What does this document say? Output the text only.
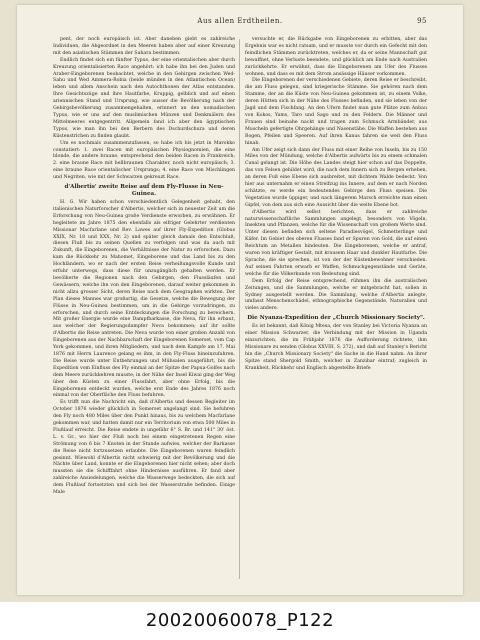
Aus allen Erdtheilen.	95

pent, der noch europäisch ist. Aber daneben giebt es zahlreiche Individuen, die Abgeordnet in den Meeren haben aber auf einer Kreuzung mit den asiatischen Stämmen der Sahara bestimmen.

Endlich findet sich ein fünfter Typus, der eine orientalischen aber durch Kreuzung orientalisierten Race angehört: ich habe ihn bei den Juden und Araber-Eingeborenen beobachtet, welche in den Gebirgen zwischen Wed-Sahu und Wed Ammera-Robia (beide münden in den Atlantischen Ocean) leben und allem Anschein nach den Autochthonen der Atlas entstanden. Ihre Gesichtszüge und ihre Hautfarbe, Kruppig, gelblich und auf einen ariennischen Stand und Ursprung, wie ausser die Bevölkerung nach der Gebirgsbevölkerung zusammengehalten, erinnert an den nomadischen Typus, wie er uns auf den muslimischen Münzen und Denkmälern des Mittelmeeres entgegentritt. Allgemein fand ich aber den ägyptischen Typus, wie man ihn bei den Berbern des Dschurdschura und deren Küstenstrichen zu finden glaubt.

Um es nochmals zusammenzufassen, so habe ich bis jetzt in Marokko constatiert: 1. zwei Racen mit europäischen Physiognomien, die eine blonde, die andere braune, entsprechend den beiden Racen in Frankreich; 2. eine braune Race mit hellbraunen Charakter, noch nicht europäisch; 3. eine braune Race orientalischer Ursprungs; 4. eine Race von Mischlingen und Negriten, wie mit der Schwarzen gekreuzt Race.

d'Albertis' zweite Reise auf dem Fly-Flusse in Neu-Guinea.

H. G. Wir haben schon verschiedentlich Gelegenheit gehabt, den italienischen Naturforscher d'Albertis, welcher sich in neuester Zeit um die Erforschung von Neu-Guinea große Verdienste erworben, zu erwähnen. Er begleitete im Jahre 1875 den ebenfalls als eifriger Gelehrter verdienten Missionar Macfarlane und Rev. Lawes auf ihrer Fly-Expedition (Globus XXIX, Nr. 18 und XXX, Nr. 2) und später gleich damals den Entschluß, diesen Fluß bis zu seinen Quellen zu verfolgen und was da auch mit Zukunft, die Eingeborenen, die Verhältnisse der Natur zu erforschen. Dazu kam die Rückkehr zu Mahomet, Eingeborene und das Land bis zu den Hochländern, wo er nach der ersten Reise verheißungsvolle Kunde und erfuhr unterwegs, dass diese für unzugänglich gehalten werden. Er bevölkerte die Regionen nach den Gebirgen, den Flussläufen und Gewässern, welche ihn von den Eingeborenen, darauf weiter gekommen in nicht allzu grosser Sicht, deren Reise nach dem Geographen wirkten. Der Plan dieses Mannes war großartig, die Gesetze, welche die Bewegung der Flüsse in Neu-Guinea bestimmen, um in die Gebirge vorzudringen, zu erforschen, und durch seine Entdeckungen die Forschung zu bereichern. Mit großer Energie wurde eine Dampfbarkasse, die Neva, für ihn erbaut, aus welcher der Regierungsdampfer Neva bekommen; auf ihr sollte d'Albertis die Reise antreten. Die Neva wurde von einer großen Anzahl von Eingeborenen aus der Nachbarschaft der Eingeborenen Somerset, vom Cap York gekommen, und ihren Mitgliedern, und nach dem Kampfe am 17. Mai 1876 mit Herrn Laurence gelang es ihm, in den Fly-Fluss hineinzufahren. Die Reise wurde unter Entbehrungen und Mühsalen ausgeführt, bis die Expedition vom Einfluss des Fly einmal an der Spitze der Papua-Golfes nach dem Meere zurückkehren musste; in der Nähe der Insel Kiwai ging der Weg über den Küsten zu einer Flussfahrt, aber ohne Erfolg, bis die Eingeborenen entdeckt wurden, welche erst Ende des Jahres 1876 noch einmal von der Oberfläche den Fluss befuhren.

Es trifft nun die Nachricht ein, daß d'Albertis und dessen Begleiter im October 1876 wieder glücklich in Somerset angelangt sind. Sie befuhren den Fly noch 480 Miles über den Punkt hinaus, bis zu welchem Macfarlane gekommen war, und hatten damit nur ein Territorium von etwa 500 Miles in Flußlauf erreicht. Die Reise endete in ungefähr 6° S. Br. und 141° 30' öst. L. v. Gr., wo hier der Fluß noch bei einem eingetretenen Regen eine Strömung von 6 bis 7 Knoten in der Stunde aufwies, welcher der Barkasse die Reise nicht fortzusetzen erlaubte. Die Eingeborenen waren feindlich gesinnt. Wiewohl d'Albertis nicht schwierig mit der Bevölkerung und die Nächte über Land, konnte er die Eingeborenen hier nicht sehen; aber doch mussten sie die Schifffahrt ohne Hindernisse ausführen. Er fand aber zahlreiche Ansiedelungen, welche die Wasserwege bedeckten, die sich auf dem Flußlauf fortsetzten und sich bei der Wasserstraße befinden. Einige Male

versuchte er, die Rückgabe von Eingeborenen zu erbitten, aber das Ergebnis war es nicht ratsam, und er musste vor durch ein Gefecht mit den feindlichen Stämmen zurücktreten, welches er, da er seine Mannschaft gut bewaffnet, ohne Verluste beendete, und glücklich am Ende nach Australien zurückkehrte. Er erwähnt, dass die Eingeborenen am Ufer des Flusses wohnen, und dass es mit dem Strom ansässige Häuser vorkommen.

Die Eingeborenen der verschiedenen Gebiete, deren Reise er beschreibt, die am Fluss gelegen, sind kriegerische Stämme. Sie gehören nach dem Stamme, der an die Küste von Neu-Guinea gekommen ist, zu einem Volke, deren Hütten sich in der Nähe des Flusses befinden, und sie leben von der Jagd und dem Fischfang. An den Ufern findet man gute Plätze zum Anbau von Kokos, Yams, Taro und Sago und zu den Feldern. Die Männer und Frauen sind beinahe nackt und tragen zum Schmuck Armbänder, aus Muscheln gefertigte Ohrgehänge und Nasenstäbe. Die Waffen bestehen aus Bogen, Pfeilen und Speeren. Auf ihren Kanus fahren sie weit den Fluss hinab.

Am Ufer zeigt sich dann der Fluss mit einer Reihe von Inseln, bis zu 150 Miles von der Mündung, welche d'Albertis aufwärts bis zu einem schmalen Canal gelangt ist. Die Höhe des Landes steigt hier schon auf das Doppelte, das von Felsen gebildet wird, die nach dem Innern sich zu Bergen erheben, an deren Fuß eine Ebene sich ausbreitet, mit dichtem Walde bedeckt. Von hier aus unternahm er einen Streifzug ins Innere, auf dem er nach Norden schätzte, es werde ein bedeutendes Gebirge den Fluss speisen. Die Vegetation wurde üppiger, und nach längerem Marsch erreichte man einen Gipfel, von dem aus sich eine Aussicht über die weite Ebene bot.

d'Albertis wird selbst berichten, dass er zahlreiche naturwissenschaftliche Sammlungen angelegt, besonders von Vögeln, Insekten und Pflanzen, welche für die Wissenschaft von großem Werte sind. Unter diesen befinden sich seltene Paradiesvögel, Schmetterlinge und Käfer. Im Gebiet des oberen Flusses fand er Spuren von Gold, die auf einen Reichtum an Metallen hindeuten. Die Eingeborenen, welche er antraf, waren von kräftiger Gestalt, mit krausem Haar und dunkler Hautfarbe. Die Sprache, die sie sprechen, ist von der der Küstenbewohner verschieden. Auf seinen Fahrten erwarb er Waffen, Schmuckgegenstände und Geräte, welche für die Völkerkunde von Bedeutung sind.

Dem Erfolg der Reise entsprechend, rühmen ihn die australischen Zeitungen, und die Sammlungen, welche er mitgebracht hat, sollen in Sydney ausgestellt werden. Die Sammlung, welche d'Albertis anlegte, umfasst Menschenschädel, ethnographische Gegenstände, Naturalien und vieles andere.

Die Nyanza-Expedition der „Church Missionary Society".

Es ist bekannt, daß König Mtesa, der von Stanley bei Victoria Nyanza an einer Mission Schwarzer, die Verbindung mit der Mission in Uganda einzurichten, die im Frühjahr 1876 die Aufforderung richtete, ihm Missionare zu senden (Globus XXVIII, S. 272), und daß auf Stanley's Bericht hin die „Church Missionary Society" die Sache in die Hand nahm. An ihrer Spitze stand Shergold Smith, welcher in Zanzibar eintraf; zugleich in Krankheit, Rückkehr und Englisch abgestellte Briefe

20020060078_P122
